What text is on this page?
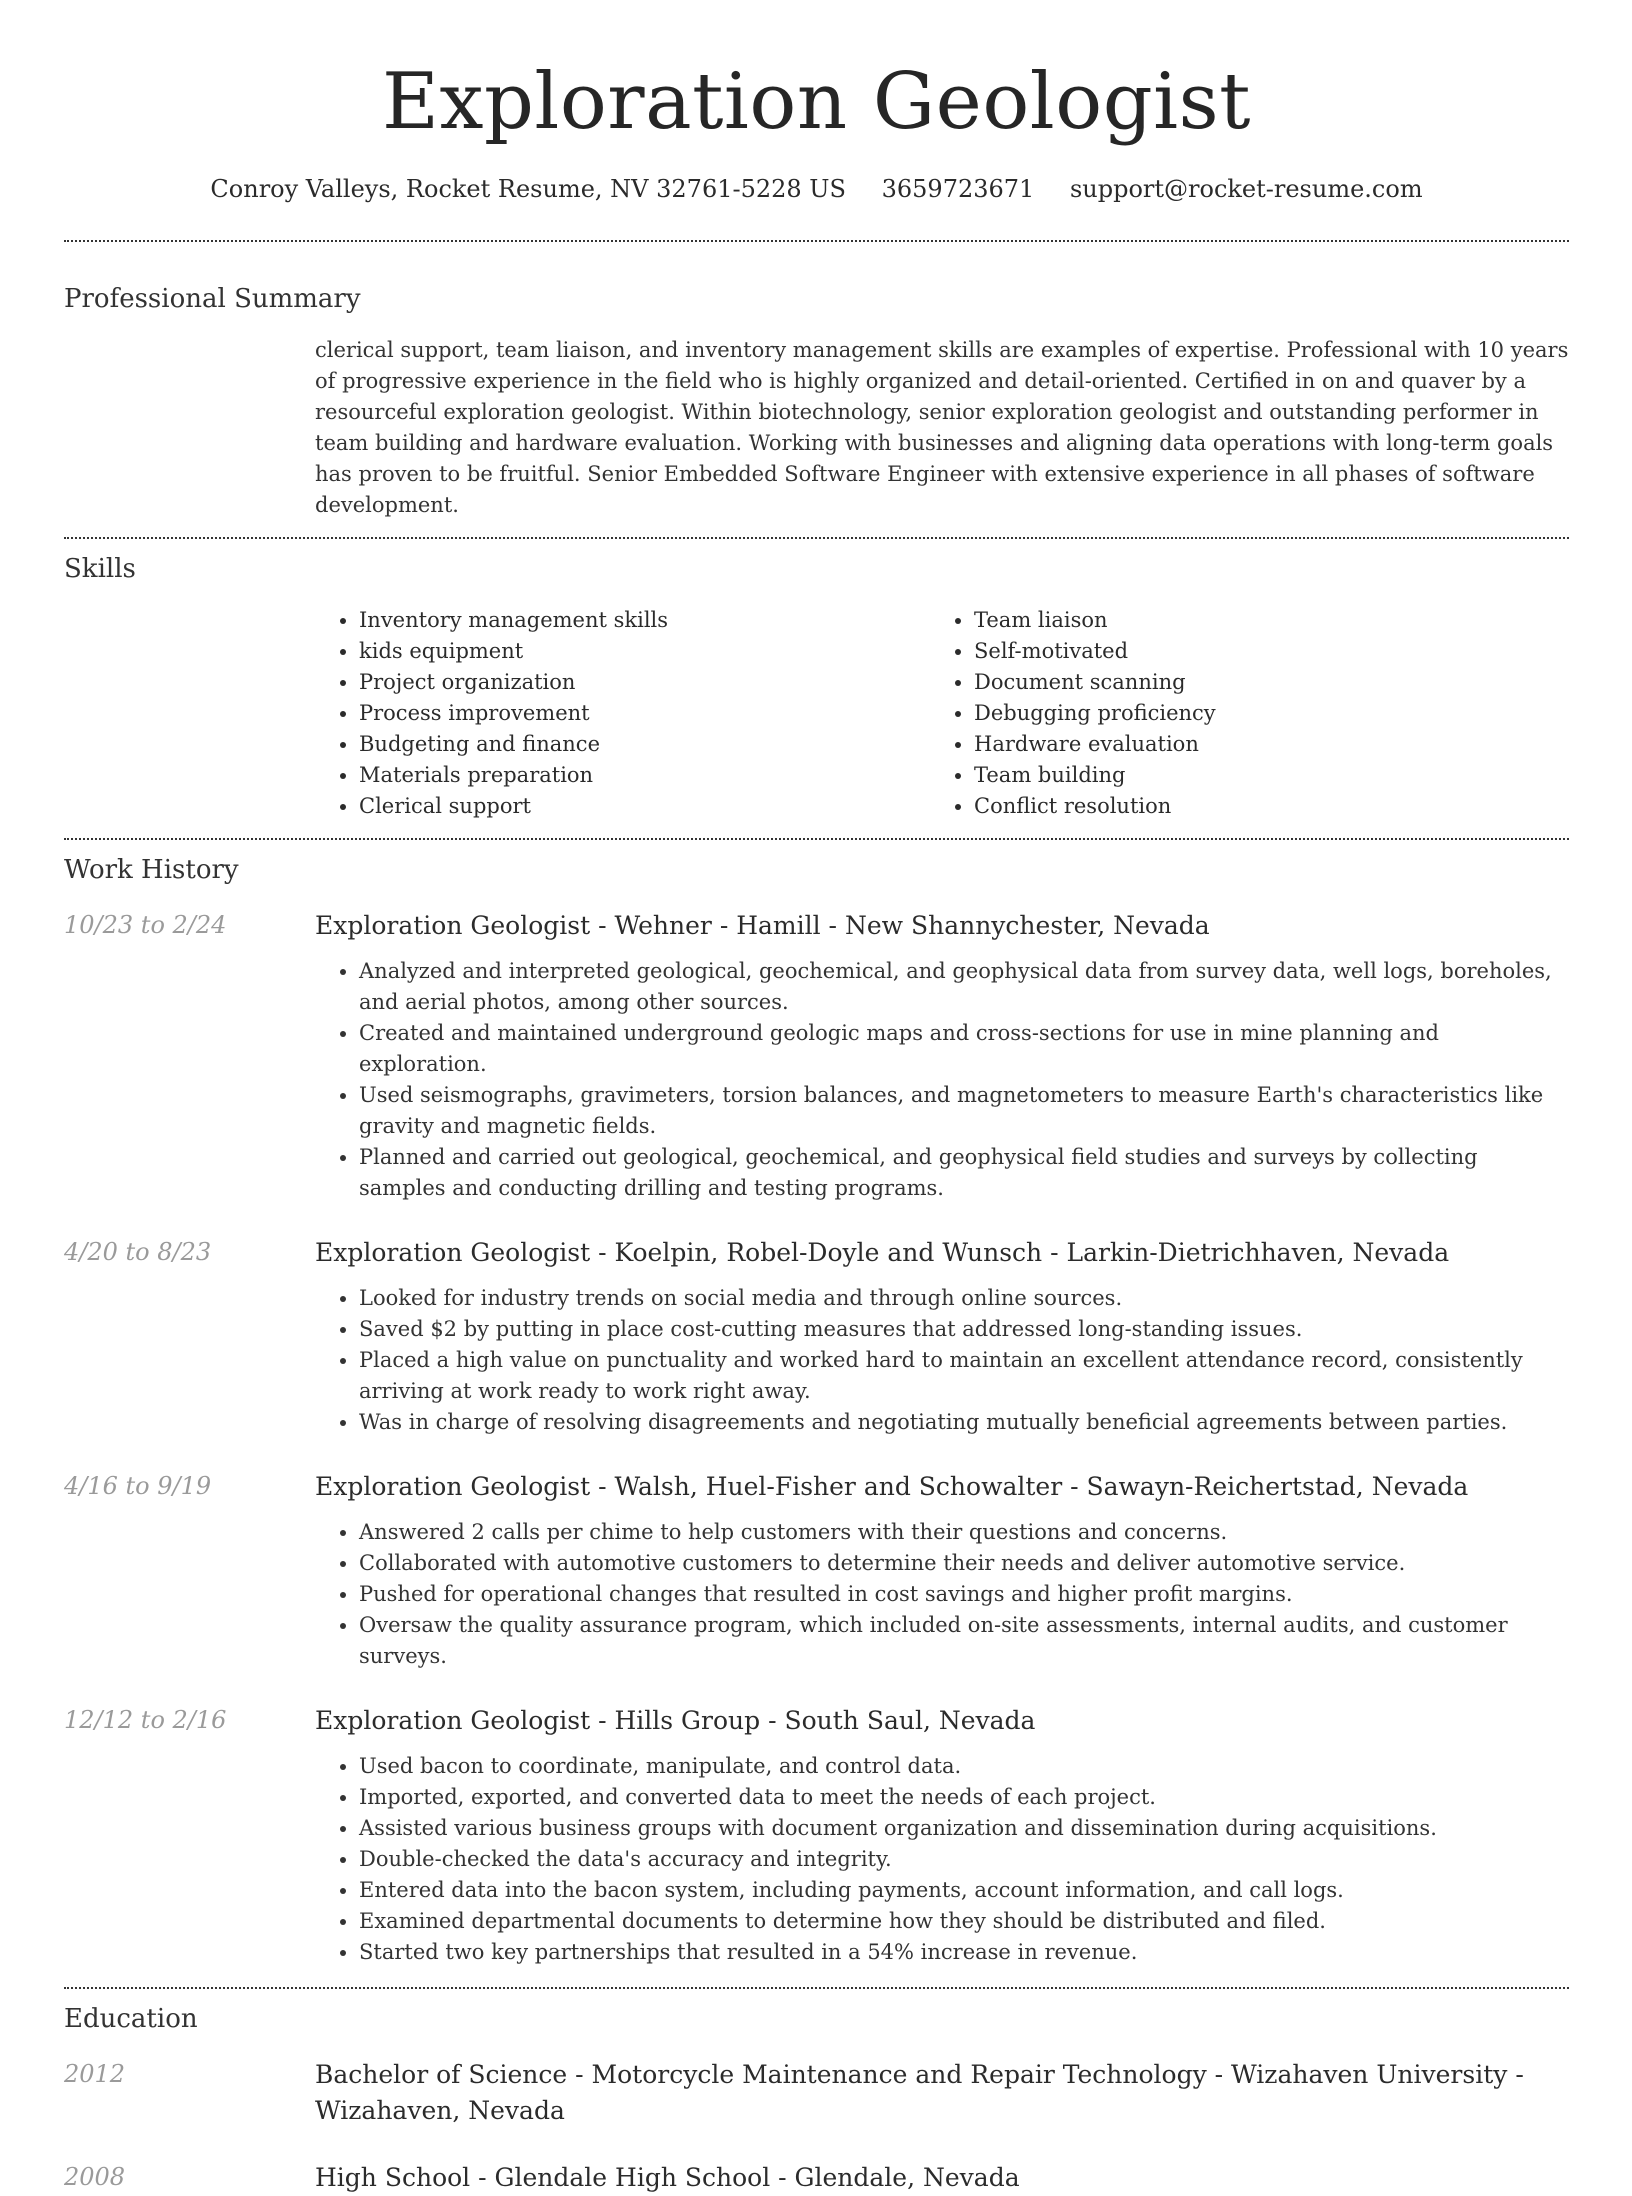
Exploration Geologist
Conroy Valleys, Rocket Resume, NV 32761-5228 US 3659723671 support@rocket-resume.com
Professional Summary
clerical support, team liaison, and inventory management skills are examples of expertise. Professional with 10 years of progressive experience in the field who is highly organized and detail-oriented. Certified in on and quaver by a resourceful exploration geologist. Within biotechnology, senior exploration geologist and outstanding performer in team building and hardware evaluation. Working with businesses and aligning data operations with long-term goals has proven to be fruitful. Senior Embedded Software Engineer with extensive experience in all phases of software development.
Skills
• Inventory management skills
• kids equipment
• Project organization
• Process improvement
• Budgeting and finance
• Materials preparation
• Clerical support
• Team liaison
• Self-motivated
• Document scanning
• Debugging proficiency
• Hardware evaluation
• Team building
• Conflict resolution
Work History
10/23 to 2/24	Exploration Geologist - Wehner - Hamill - New Shannychester, Nevada
• Analyzed and interpreted geological, geochemical, and geophysical data from survey data, well logs, boreholes, and aerial photos, among other sources.
• Created and maintained underground geologic maps and cross-sections for use in mine planning and exploration.
• Used seismographs, gravimeters, torsion balances, and magnetometers to measure Earth's characteristics like gravity and magnetic fields.
• Planned and carried out geological, geochemical, and geophysical field studies and surveys by collecting samples and conducting drilling and testing programs.
4/20 to 8/23	Exploration Geologist - Koelpin, Robel-Doyle and Wunsch - Larkin-Dietrichhaven, Nevada
• Looked for industry trends on social media and through online sources.
• Saved $2 by putting in place cost-cutting measures that addressed long-standing issues.
• Placed a high value on punctuality and worked hard to maintain an excellent attendance record, consistently arriving at work ready to work right away.
• Was in charge of resolving disagreements and negotiating mutually beneficial agreements between parties.
4/16 to 9/19	Exploration Geologist - Walsh, Huel-Fisher and Schowalter - Sawayn-Reichertstad, Nevada
• Answered 2 calls per chime to help customers with their questions and concerns.
• Collaborated with automotive customers to determine their needs and deliver automotive service.
• Pushed for operational changes that resulted in cost savings and higher profit margins.
• Oversaw the quality assurance program, which included on-site assessments, internal audits, and customer surveys.
12/12 to 2/16	Exploration Geologist - Hills Group - South Saul, Nevada
• Used bacon to coordinate, manipulate, and control data.
• Imported, exported, and converted data to meet the needs of each project.
• Assisted various business groups with document organization and dissemination during acquisitions.
• Double-checked the data's accuracy and integrity.
• Entered data into the bacon system, including payments, account information, and call logs.
• Examined departmental documents to determine how they should be distributed and filed.
• Started two key partnerships that resulted in a 54% increase in revenue.
Education
2012	Bachelor of Science - Motorcycle Maintenance and Repair Technology - Wizahaven University - Wizahaven, Nevada
2008	High School - Glendale High School - Glendale, Nevada
